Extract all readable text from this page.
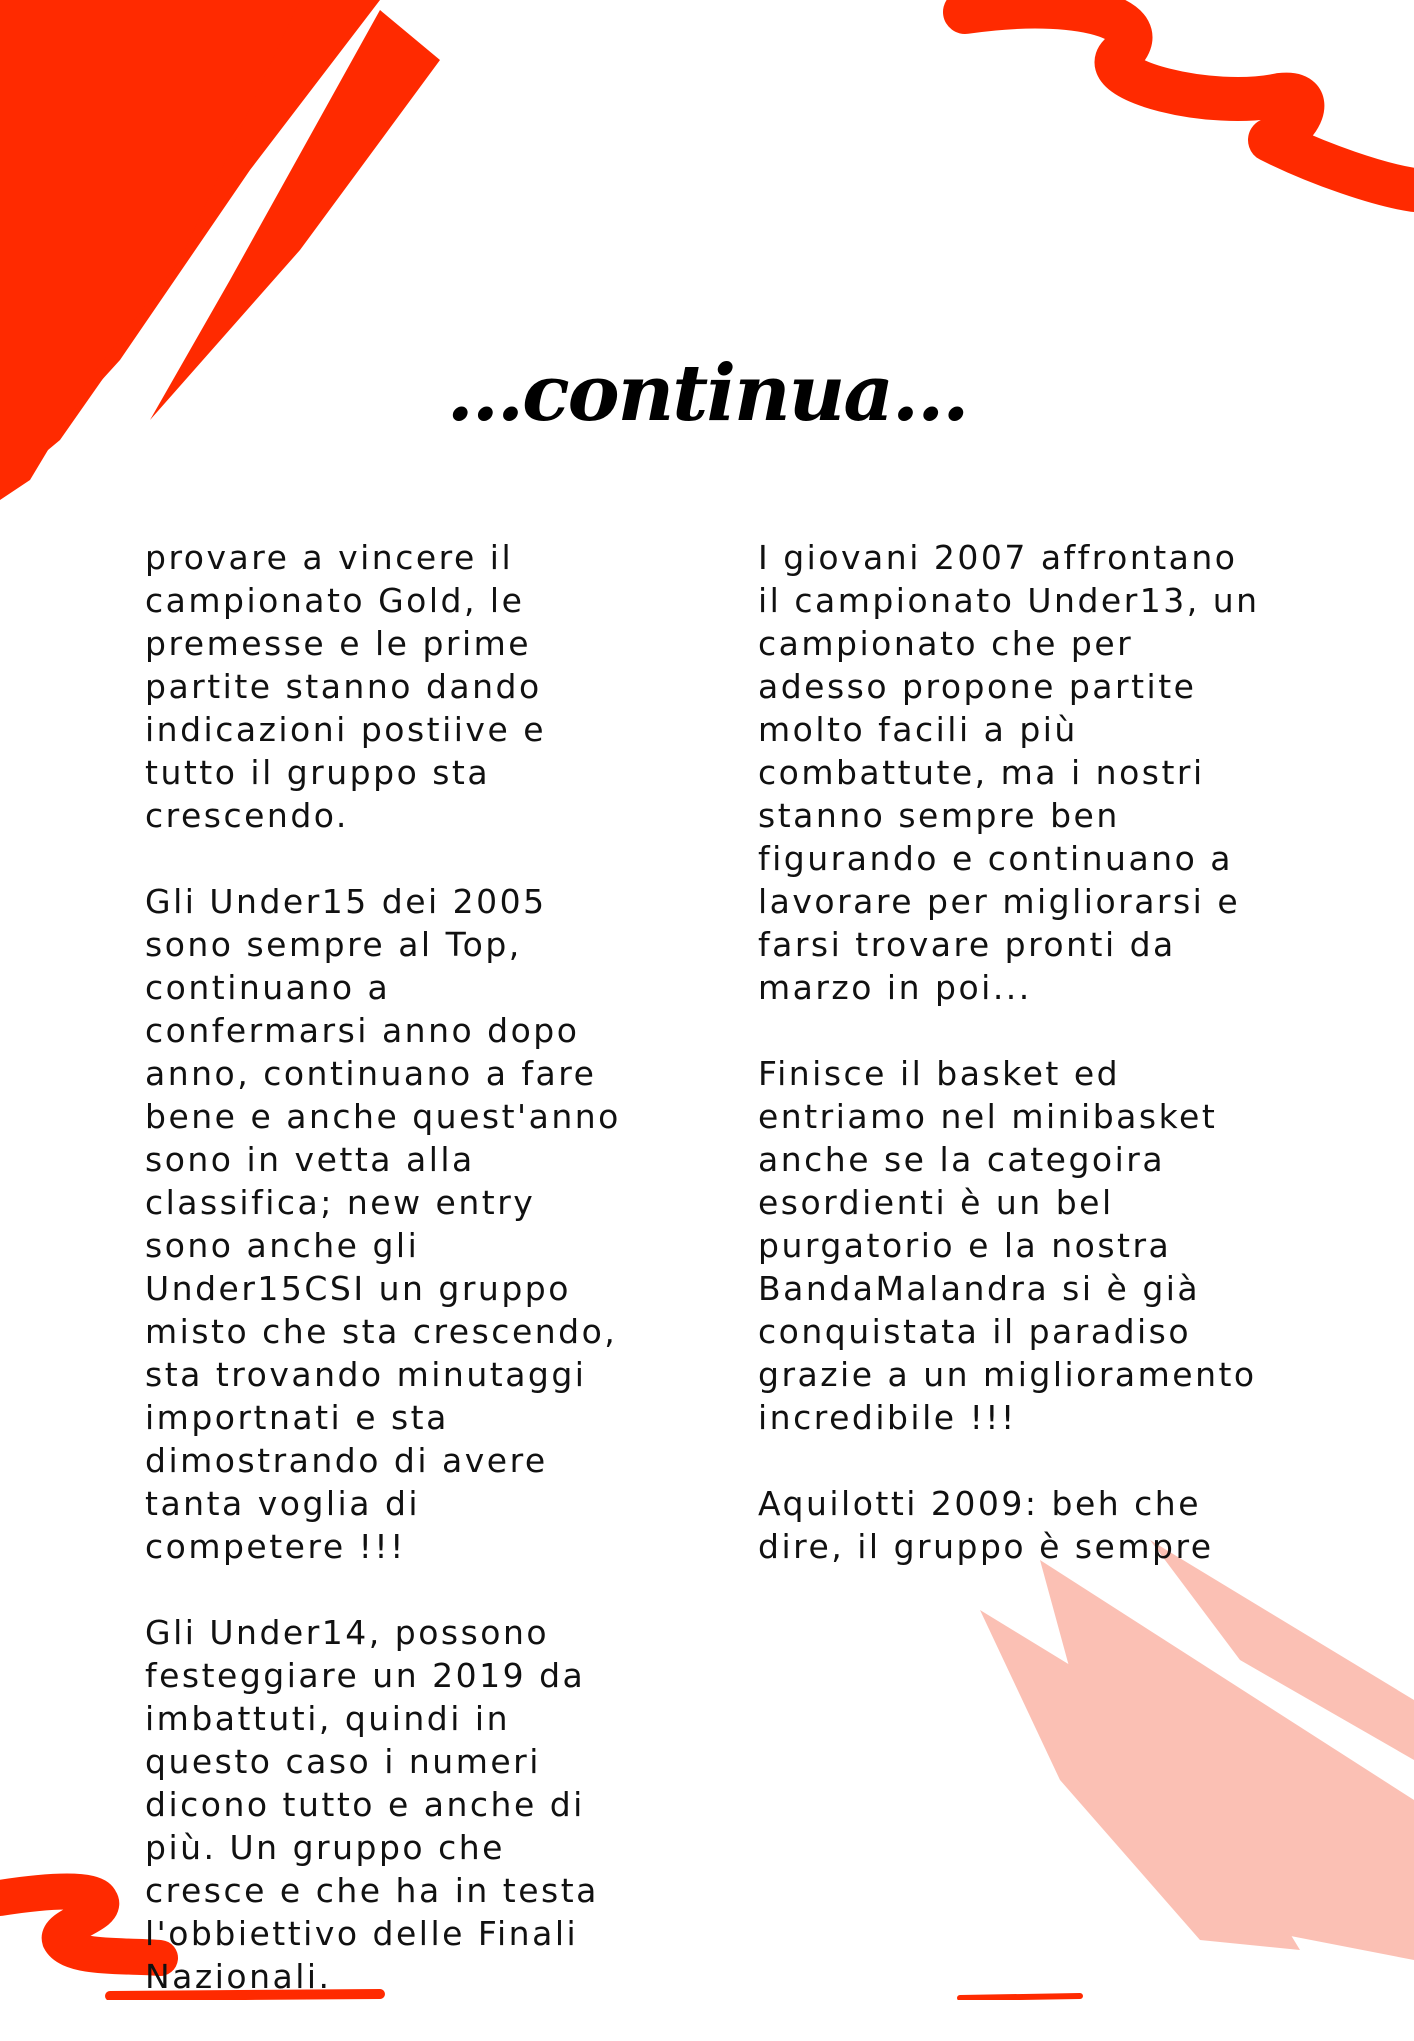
...continua...

provare a vincere il
campionato Gold, le
premesse e le prime
partite stanno dando
indicazioni postiive e
tutto il gruppo sta
crescendo.

Gli Under15 dei 2005
sono sempre al Top,
continuano a
confermarsi anno dopo
anno, continuano a fare
bene e anche quest'anno
sono in vetta alla
classifica; new entry
sono anche gli
Under15CSI un gruppo
misto che sta crescendo,
sta trovando minutaggi
importnati e sta
dimostrando di avere
tanta voglia di
competere !!!

Gli Under14, possono
festeggiare un 2019 da
imbattuti, quindi in
questo caso i numeri
dicono tutto e anche di
più. Un gruppo che
cresce e che ha in testa
l'obbiettivo delle Finali
Nazionali.

I giovani 2007 affrontano
il campionato Under13, un
campionato che per
adesso propone partite
molto facili a più
combattute, ma i nostri
stanno sempre ben
figurando e continuano a
lavorare per migliorarsi e
farsi trovare pronti da
marzo in poi...

Finisce il basket ed
entriamo nel minibasket
anche se la categoira
esordienti è un bel
purgatorio e la nostra
BandaMalandra si è già
conquistata il paradiso
grazie a un miglioramento
incredibile !!!

Aquilotti 2009: beh che
dire, il gruppo è sempre
